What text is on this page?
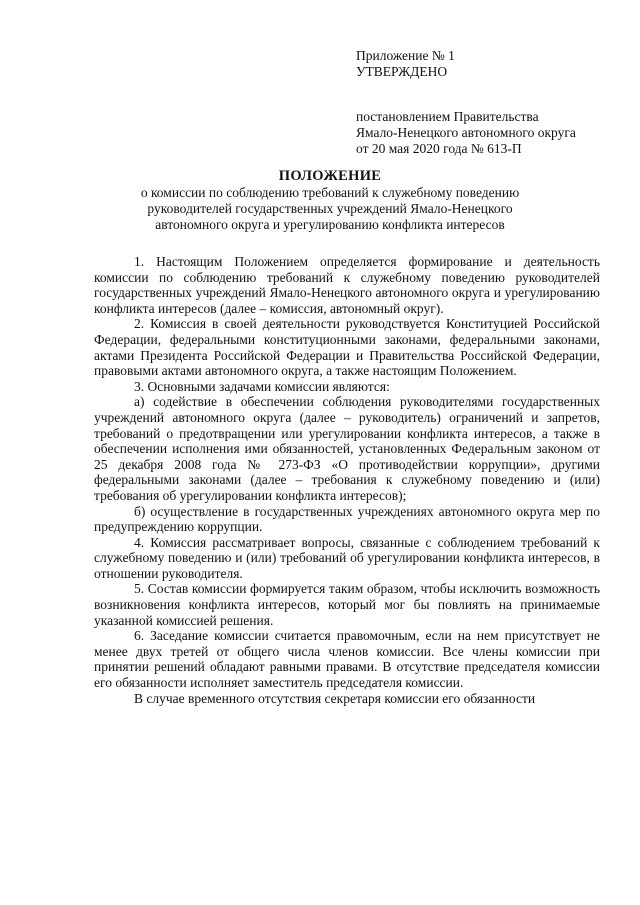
Приложение № 1
УТВЕРЖДЕНО
постановлением Правительства
Ямало-Ненецкого автономного округа
от 20 мая 2020 года № 613-П
ПОЛОЖЕНИЕ
о комиссии по соблюдению требований к служебному поведению
руководителей государственных учреждений Ямало-Ненецкого
автономного округа и урегулированию конфликта интересов

1. Настоящим Положением определяется формирование и деятельность комиссии по соблюдению требований к служебному поведению руководителей государственных учреждений Ямало-Ненецкого автономного округа и урегулированию конфликта интересов (далее – комиссия, автономный округ).

2. Комиссия в своей деятельности руководствуется Конституцией Российской Федерации, федеральными конституционными законами, федеральными законами, актами Президента Российской Федерации и Правительства Российской Федерации, правовыми актами автономного округа, а также настоящим Положением.

3. Основными задачами комиссии являются:

а) содействие в обеспечении соблюдения руководителями государственных учреждений автономного округа (далее – руководитель) ограничений и запретов, требований о предотвращении или урегулировании конфликта интересов, а также в обеспечении исполнения ими обязанностей, установленных Федеральным законом от 25 декабря 2008 года № 273-ФЗ «О противодействии коррупции», другими федеральными законами (далее – требования к служебному поведению и (или) требования об урегулировании конфликта интересов);

б) осуществление в государственных учреждениях автономного округа мер по предупреждению коррупции.

4. Комиссия рассматривает вопросы, связанные с соблюдением требований к служебному поведению и (или) требований об урегулировании конфликта интересов, в отношении руководителя.

5. Состав комиссии формируется таким образом, чтобы исключить возможность возникновения конфликта интересов, который мог бы повлиять на принимаемые указанной комиссией решения.

6. Заседание комиссии считается правомочным, если на нем присутствует не менее двух третей от общего числа членов комиссии. Все члены комиссии при принятии решений обладают равными правами. В отсутствие председателя комиссии его обязанности исполняет заместитель председателя комиссии.

В случае временного отсутствия секретаря комиссии его обязанности
